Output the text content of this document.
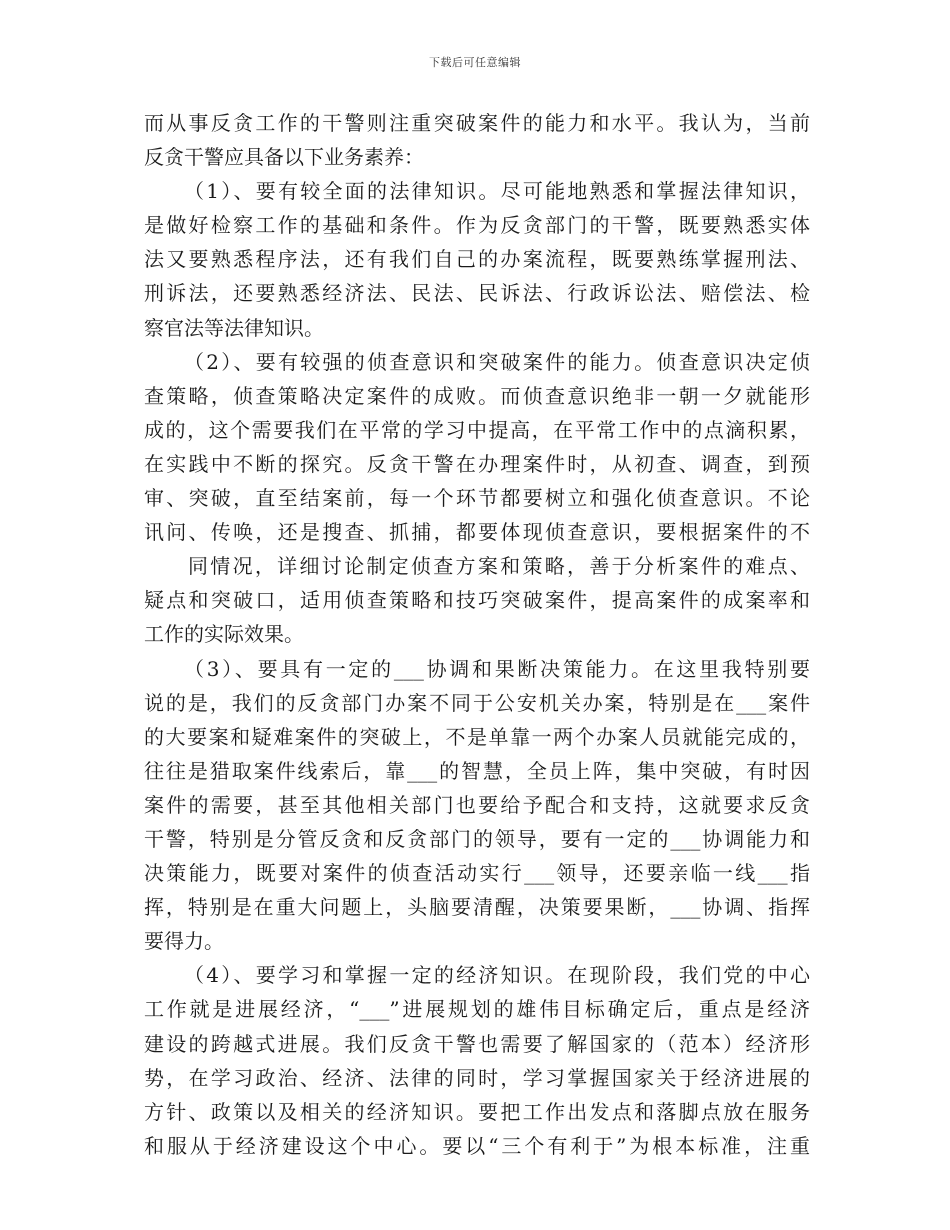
下载后可任意编辑
而从事反贪工作的干警则注重突破案件的能力和水平。我认为，当前
反贪干警应具备以下业务素养：
（1）、要有较全面的法律知识。尽可能地熟悉和掌握法律知识，
是做好检察工作的基础和条件。作为反贪部门的干警，既要熟悉实体
法又要熟悉程序法，还有我们自己的办案流程，既要熟练掌握刑法、
刑诉法，还要熟悉经济法、民法、民诉法、行政诉讼法、赔偿法、检
察官法等法律知识。
（2）、要有较强的侦查意识和突破案件的能力。侦查意识决定侦
查策略，侦查策略决定案件的成败。而侦查意识绝非一朝一夕就能形
成的，这个需要我们在平常的学习中提高，在平常工作中的点滴积累，
在实践中不断的探究。反贪干警在办理案件时，从初查、调查，到预
审、突破，直至结案前，每一个环节都要树立和强化侦查意识。不论
讯问、传唤，还是搜查、抓捕，都要体现侦查意识，要根据案件的不
同情况，详细讨论制定侦查方案和策略，善于分析案件的难点、
疑点和突破口，适用侦查策略和技巧突破案件，提高案件的成案率和
工作的实际效果。
（3）、要具有一定的___协调和果断决策能力。在这里我特别要
说的是，我们的反贪部门办案不同于公安机关办案，特别是在___案件
的大要案和疑难案件的突破上，不是单靠一两个办案人员就能完成的，
往往是猎取案件线索后，靠___的智慧，全员上阵，集中突破，有时因
案件的需要，甚至其他相关部门也要给予配合和支持，这就要求反贪
干警，特别是分管反贪和反贪部门的领导，要有一定的___协调能力和
决策能力，既要对案件的侦查活动实行___领导，还要亲临一线___指
挥，特别是在重大问题上，头脑要清醒，决策要果断，___协调、指挥
要得力。
（4）、要学习和掌握一定的经济知识。在现阶段，我们党的中心
工作就是进展经济，“___”进展规划的雄伟目标确定后，重点是经济
建设的跨越式进展。我们反贪干警也需要了解国家的（范本）经济形
势，在学习政治、经济、法律的同时，学习掌握国家关于经济进展的
方针、政策以及相关的经济知识。要把工作出发点和落脚点放在服务
和服从于经济建设这个中心。要以“三个有利于”为根本标准，注重
